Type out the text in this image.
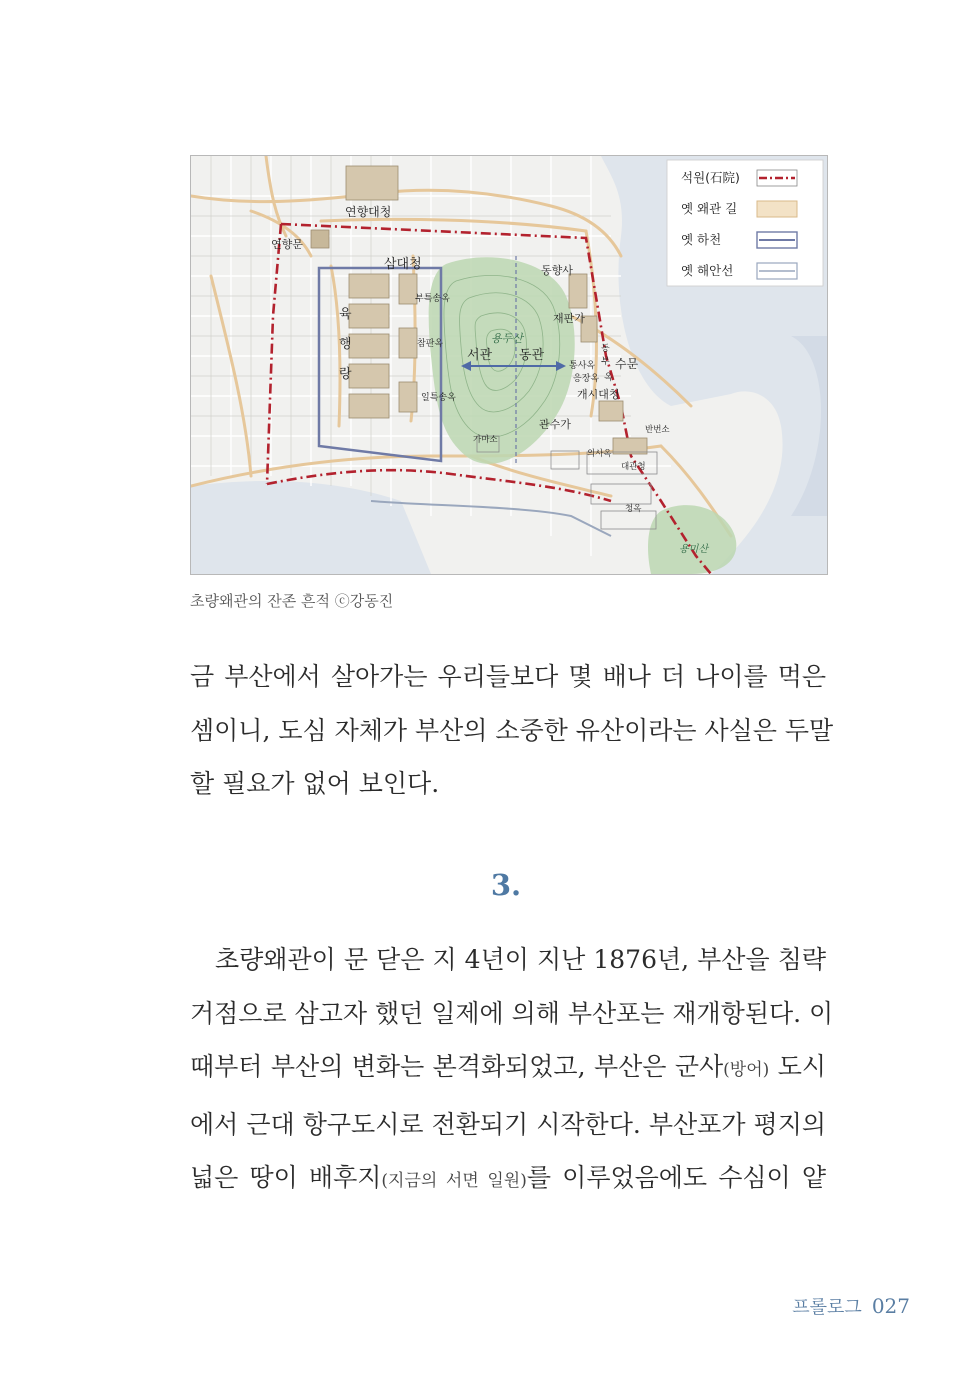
연향대청
연향문
삼대청
육
행
랑
부특송옥
참판옥
일특송옥
용두산
서관 동관
동향사
재판가
통사옥
응장옥
동
부
옥
수문
개시대청
관수가
가마소
의사옥
대관청
반번소
청옥
용미산
석원(石院)
옛 왜관 길
옛 하천
옛 해안선
초량왜관의 잔존 흔적 ⓒ강동진
금 부산에서 살아가는 우리들보다 몇 배나 더 나이를 먹은
셈이니, 도심 자체가 부산의 소중한 유산이라는 사실은 두말
할 필요가 없어 보인다.
3.
초량왜관이 문 닫은 지 4년이 지난 1876년, 부산을 침략
거점으로 삼고자 했던 일제에 의해 부산포는 재개항된다. 이
때부터 부산의 변화는 본격화되었고, 부산은 군사(방어) 도시
에서 근대 항구도시로 전환되기 시작한다. 부산포가 평지의
넓은 땅이 배후지(지금의 서면 일원)를 이루었음에도 수심이 얕
프롤로그 027
